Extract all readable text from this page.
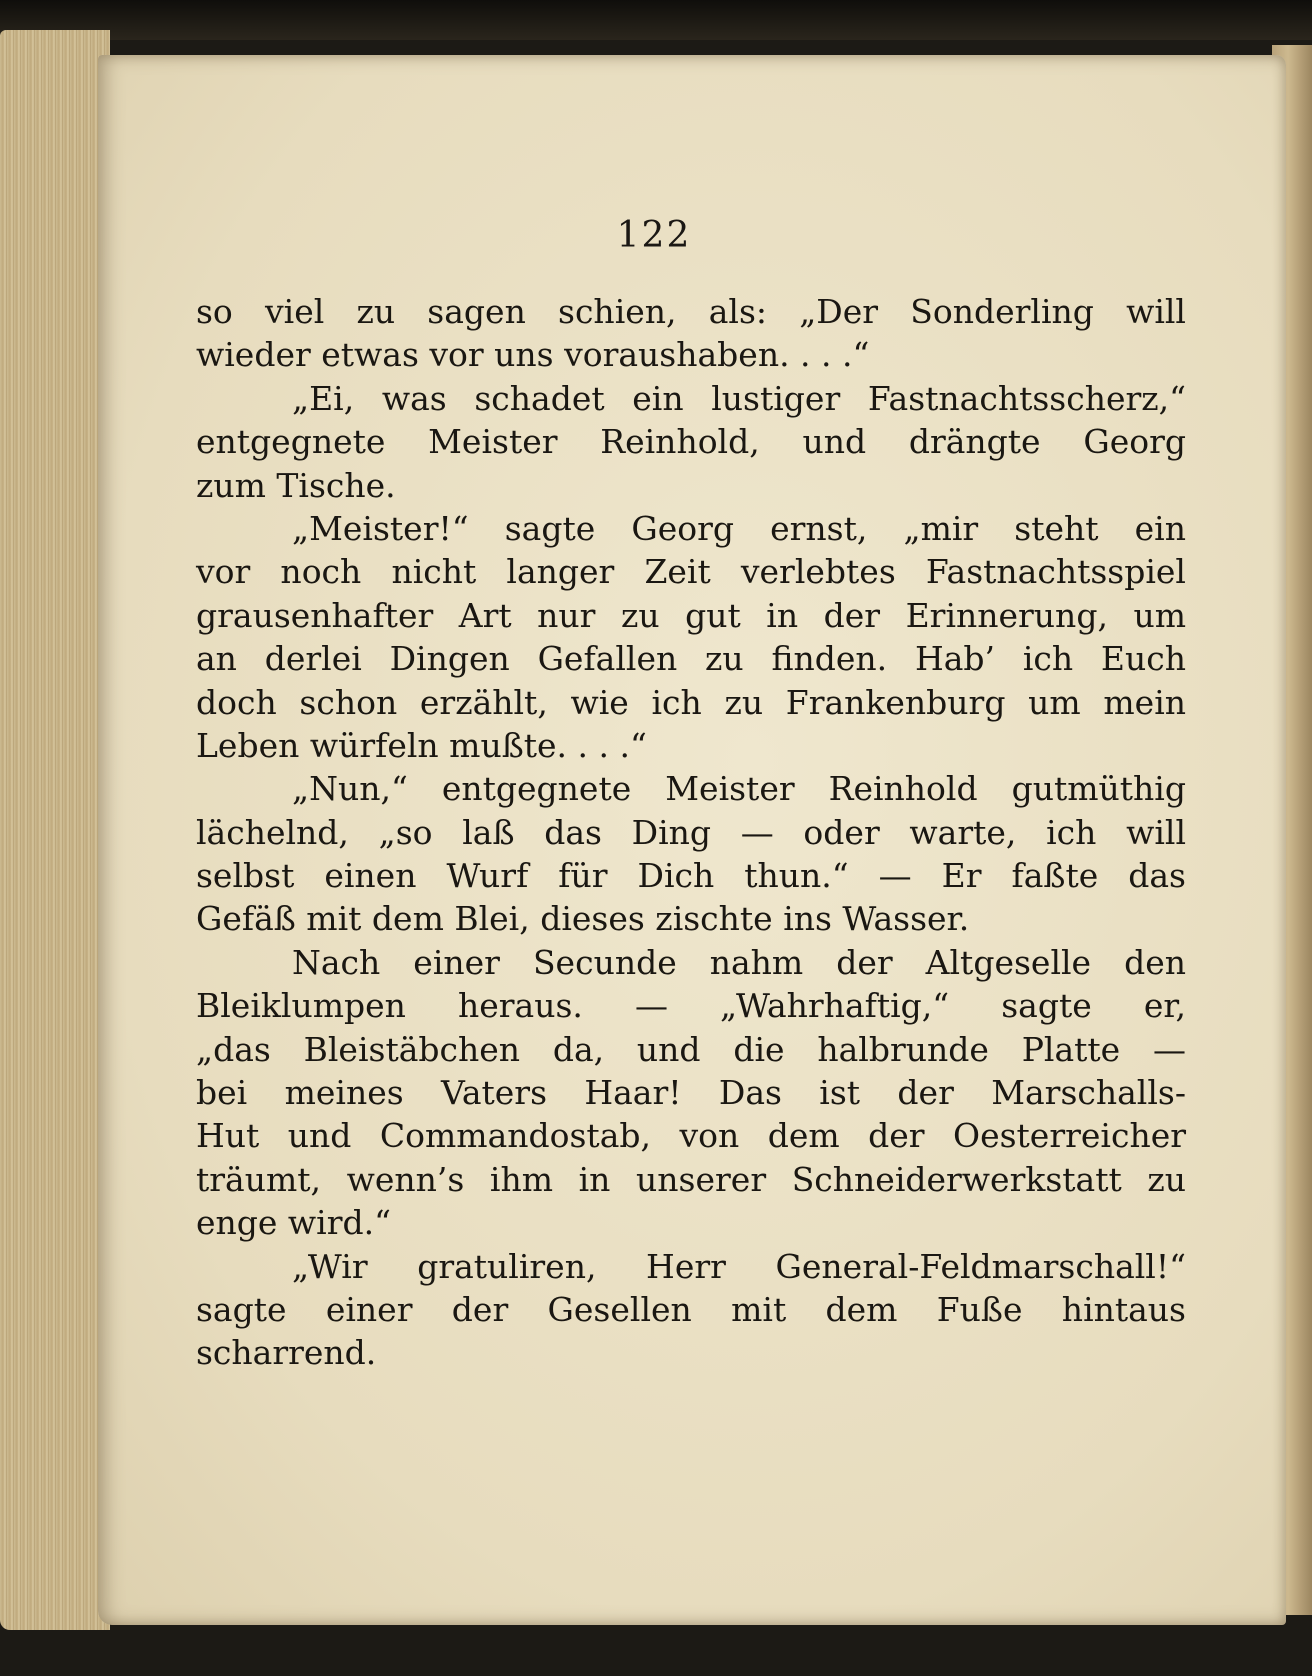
122
so viel zu sagen schien, als: „Der Sonderling will
wieder etwas vor uns voraushaben. . . .“
„Ei, was schadet ein lustiger Fastnachtsscherz,“
entgegnete Meister Reinhold, und drängte Georg
zum Tische.
„Meister!“ sagte Georg ernst, „mir steht ein
vor noch nicht langer Zeit verlebtes Fastnachtsspiel
grausenhafter Art nur zu gut in der Erinnerung, um
an derlei Dingen Gefallen zu finden. Hab’ ich Euch
doch schon erzählt, wie ich zu Frankenburg um mein
Leben würfeln mußte. . . .“
„Nun,“ entgegnete Meister Reinhold gutmüthig
lächelnd, „so laß das Ding — oder warte, ich will
selbst einen Wurf für Dich thun.“ — Er faßte das
Gefäß mit dem Blei, dieses zischte ins Wasser.
Nach einer Secunde nahm der Altgeselle den
Bleiklumpen heraus. — „Wahrhaftig,“ sagte er,
„das Bleistäbchen da, und die halbrunde Platte —
bei meines Vaters Haar! Das ist der Marschalls-
Hut und Commandostab, von dem der Oesterreicher
träumt, wenn’s ihm in unserer Schneiderwerkstatt zu
enge wird.“
„Wir gratuliren, Herr General-Feldmarschall!“
sagte einer der Gesellen mit dem Fuße hintaus
scharrend.
